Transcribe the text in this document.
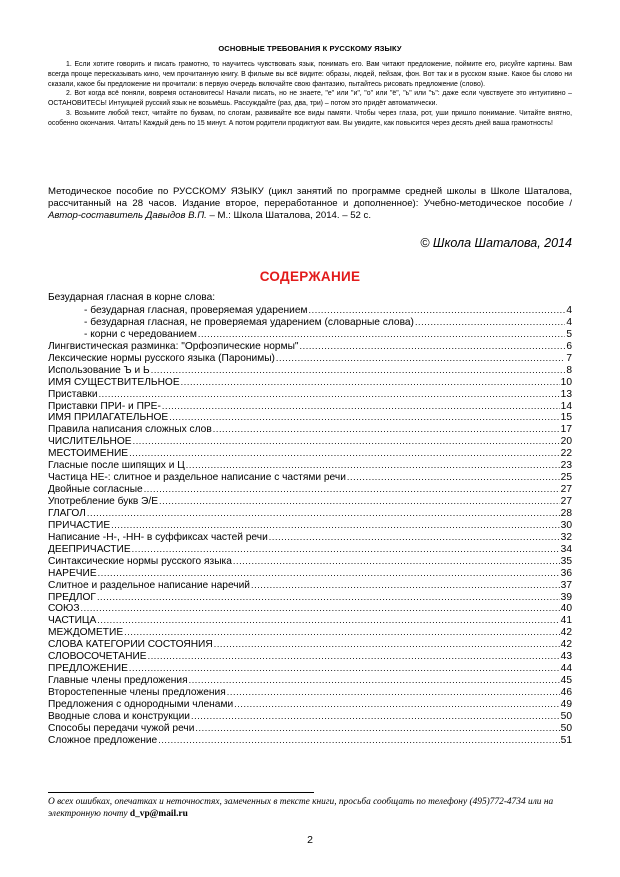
ОСНОВНЫЕ ТРЕБОВАНИЯ К РУССКОМУ ЯЗЫКУ

1. Если хотите говорить и писать грамотно, то научитесь чувствовать язык, понимать его. Вам читают предложение, поймите его, рисуйте картины. Вам всегда проще пересказывать кино, чем прочитанную книгу. В фильме вы всё видите: образы, людей, пейзаж, фон. Вот так и в русском языке. Какое бы слово ни сказали, какое бы предложение ни прочитали: в первую очередь включайте свою фантазию, пытайтесь рисовать предложение (слово).

2. Вот когда всё поняли, вовремя остановитесь! Начали писать, но не знаете, "е" или "и", "о" или "ё", "ь" или "ъ": даже если чувствуете это интуитивно – ОСТАНОВИТЕСЬ! Интуицией русский язык не возьмёшь. Рассуждайте (раз, два, три) – потом это придёт автоматически.

3. Возьмите любой текст, читайте по буквам, по слогам, развивайте все виды памяти. Чтобы через глаза, рот, уши пришло понимание. Читайте внятно, особенно окончания. Читать! Каждый день по 15 минут. А потом родители продиктуют вам. Вы увидите, как повысится через десять дней ваша грамотность!

Методическое пособие по РУССКОМУ ЯЗЫКУ (цикл занятий по программе средней школы в Школе Шаталова, рассчитанный на 28 часов. Издание второе, переработанное и дополненное): Учебно-методическое пособие / Автор-составитель Давыдов В.П. – М.: Школа Шаталова, 2014. – 52 с.
© Школа Шаталова, 2014
СОДЕРЖАНИЕ
Безударная гласная в корне слова:
- безударная гласная, проверяемая ударением .....	4
- безударная гласная, не проверяемая ударением (словарные слова) .....	4
- корни с чередованием .....	5
Лингвистическая разминка: "Орфоэпические нормы" .....	6
Лексические нормы русского языка (Паронимы) .....	7
Использование Ъ и Ь .....	8
ИМЯ СУЩЕСТВИТЕЛЬНОЕ .....	10
Приставки .....	13
Приставки ПРИ- и ПРЕ- .....	14
ИМЯ ПРИЛАГАТЕЛЬНОЕ .....	15
Правила написания сложных слов .....	17
ЧИСЛИТЕЛЬНОЕ .....	20
МЕСТОИМЕНИЕ .....	22
Гласные после шипящих и Ц .....	23
Частица НЕ-: слитное и раздельное написание с частями речи .....	25
Двойные согласные .....	27
Употребление букв Э/Е .....	27
ГЛАГОЛ .....	28
ПРИЧАСТИЕ .....	30
Написание -Н-, -НН- в суффиксах частей речи .....	32
ДЕЕПРИЧАСТИЕ .....	34
Синтаксические нормы русского языка .....	35
НАРЕЧИЕ .....	36
Слитное и раздельное написание наречий .....	37
ПРЕДЛОГ .....	39
СОЮЗ .....	40
ЧАСТИЦА .....	41
МЕЖДОМЕТИЕ .....	42
СЛОВА КАТЕГОРИИ СОСТОЯНИЯ .....	42
СЛОВОСОЧЕТАНИЕ .....	43
ПРЕДЛОЖЕНИЕ .....	44
Главные члены предложения .....	45
Второстепенные члены предложения .....	46
Предложения с однородными членами .....	49
Вводные слова и конструкции .....	50
Способы передачи чужой речи .....	50
Сложное предложение .....	51
О всех ошибках, опечатках и неточностях, замеченных в тексте книги, просьба сообщать по телефону (495)772-4734 или на электронную почту d_vp@mail.ru
2
